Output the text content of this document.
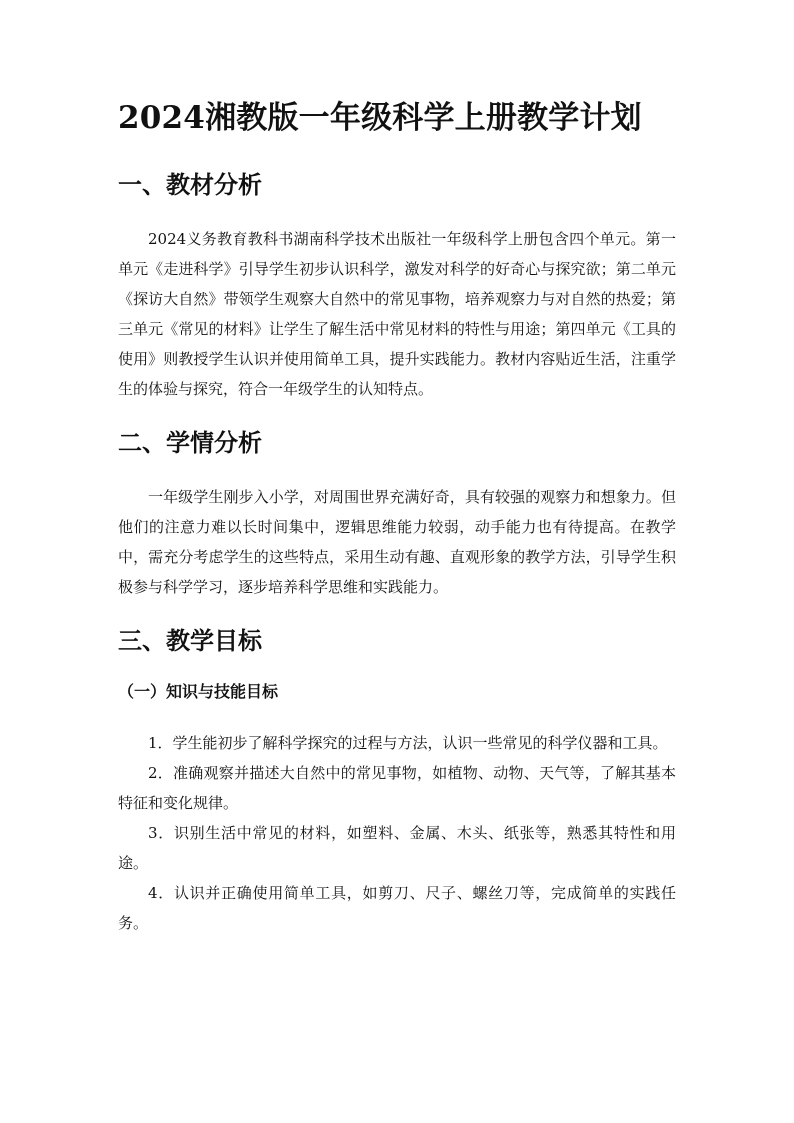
2024湘教版一年级科学上册教学计划
一、教材分析

2024义务教育教科书湖南科学技术出版社一年级科学上册包含四个单元。第一单元《走进科学》引导学生初步认识科学，激发对科学的好奇心与探究欲；第二单元《探访大自然》带领学生观察大自然中的常见事物，培养观察力与对自然的热爱；第三单元《常见的材料》让学生了解生活中常见材料的特性与用途；第四单元《工具的使用》则教授学生认识并使用简单工具，提升实践能力。教材内容贴近生活，注重学生的体验与探究，符合一年级学生的认知特点。

二、学情分析

一年级学生刚步入小学，对周围世界充满好奇，具有较强的观察力和想象力。但他们的注意力难以长时间集中，逻辑思维能力较弱，动手能力也有待提高。在教学中，需充分考虑学生的这些特点，采用生动有趣、直观形象的教学方法，引导学生积极参与科学学习，逐步培养科学思维和实践能力。

三、教学目标
（一）知识与技能目标

1．学生能初步了解科学探究的过程与方法，认识一些常见的科学仪器和工具。

2．准确观察并描述大自然中的常见事物，如植物、动物、天气等，了解其基本特征和变化规律。

3．识别生活中常见的材料，如塑料、金属、木头、纸张等，熟悉其特性和用途。

4．认识并正确使用简单工具，如剪刀、尺子、螺丝刀等，完成简单的实践任务。
